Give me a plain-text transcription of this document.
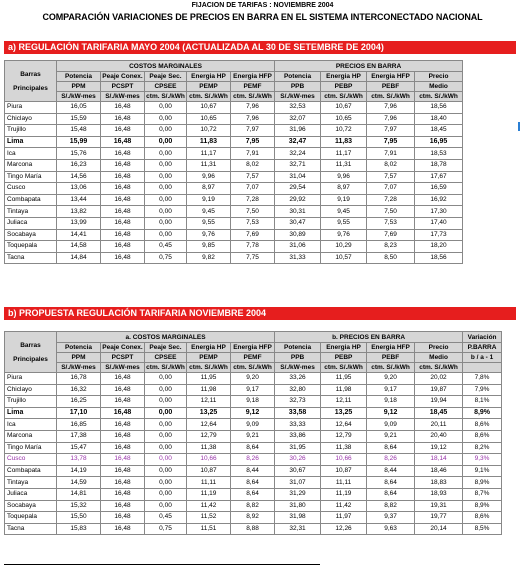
FIJACION DE TARIFAS : NOVIEMBRE 2004
COMPARACIÓN VARIACIONES DE PRECIOS EN BARRA EN EL SISTEMA INTERCONECTADO NACIONAL
a) REGULACIÓN TARIFARIA MAYO 2004 (ACTUALIZADA AL 30 DE SETEMBRE DE 2004)
Barras

Principales	COSTOS MARGINALES					PRECIOS EN BARRA			
	Potencia	Peaje Conex.	Peaje Sec.	Energia HP	Energia HFP	Potencia	Energia HP	Energia HFP	Precio
	PPM	PCSPT	CPSEE	PEMP	PEMF	PPB	PEBP	PEBF	Medio
	S/./kW-mes	S/./kW-mes	ctm. S/./kWh	ctm. S/./kWh	ctm. S/./kWh	S/./kW-mes	ctm. S/./kWh	ctm. S/./kWh	ctm. S/./kWh
Piura	16,05	16,48	0,00	10,67	7,96	32,53	10,67	7,96	18,56
Chiclayo	15,59	16,48	0,00	10,65	7,96	32,07	10,65	7,96	18,40
Trujillo	15,48	16,48	0,00	10,72	7,97	31,96	10,72	7,97	18,45
Lima	15,99	16,48	0,00	11,83	7,95	32,47	11,83	7,95	16,95
Ica	15,76	16,48	0,00	11,17	7,91	32,24	11,17	7,91	18,53
Marcona	16,23	16,48	0,00	11,31	8,02	32,71	11,31	8,02	18,78
Tingo María	14,56	16,48	0,00	9,96	7,57	31,04	9,96	7,57	17,67
Cusco	13,06	16,48	0,00	8,97	7,07	29,54	8,97	7,07	16,59
Combapata	13,44	16,48	0,00	9,19	7,28	29,92	9,19	7,28	16,92
Tintaya	13,82	16,48	0,00	9,45	7,50	30,31	9,45	7,50	17,30
Juliaca	13,99	16,48	0,00	9,55	7,53	30,47	9,55	7,53	17,40
Socabaya	14,41	16,48	0,00	9,76	7,69	30,89	9,76	7,69	17,73
Toquepala	14,58	16,48	0,45	9,85	7,78	31,06	10,29	8,23	18,20
Tacna	14,84	16,48	0,75	9,82	7,75	31,33	10,57	8,50	18,56
b) PROPUESTA REGULACIÓN TARIFARIA NOVIEMBRE 2004
Barras

Principales	a. COSTOS MARGINALES					b. PRECIOS EN BARRA				Variación
	Potencia	Peaje Conex.	Peaje Sec.	Energia HP	Energia HFP	Potencia	Energia HP	Energia HFP	Precio	P.BARRA
	PPM	PCSPT	CPSEE	PEMP	PEMF	PPB	PEBP	PEBF	Medio	b / a - 1
	S/./kW-mes	S/./kW-mes	ctm. S/./kWh	ctm. S/./kWh	ctm. S/./kWh	S/./kW-mes	ctm. S/./kWh	ctm. S/./kWh	ctm. S/./kWh	
Piura	16,78	16,48	0,00	11,95	9,20	33,26	11,95	9,20	20,02	7,8%
Chiclayo	16,32	16,48	0,00	11,98	9,17	32,80	11,98	9,17	19,87	7,9%
Trujillo	16,25	16,48	0,00	12,11	9,18	32,73	12,11	9,18	19,94	8,1%
Lima	17,10	16,48	0,00	13,25	9,12	33,58	13,25	9,12	18,45	8,9%
Ica	16,85	16,48	0,00	12,64	9,09	33,33	12,64	9,09	20,11	8,6%
Marcona	17,38	16,48	0,00	12,79	9,21	33,86	12,79	9,21	20,40	8,6%
Tingo María	15,47	16,48	0,00	11,38	8,64	31,95	11,38	8,64	19,12	8,2%
Cusco	13,78	16,48	0,00	10,66	8,26	30,26	10,66	8,26	18,14	9,3%
Combapata	14,19	16,48	0,00	10,87	8,44	30,67	10,87	8,44	18,46	9,1%
Tintaya	14,59	16,48	0,00	11,11	8,64	31,07	11,11	8,64	18,83	8,9%
Juliaca	14,81	16,48	0,00	11,19	8,64	31,29	11,19	8,64	18,93	8,7%
Socabaya	15,32	16,48	0,00	11,42	8,82	31,80	11,42	8,82	19,31	8,9%
Toquepala	15,50	16,48	0,45	11,52	8,92	31,98	11,97	9,37	19,77	8,6%
Tacna	15,83	16,48	0,75	11,51	8,88	32,31	12,26	9,63	20,14	8,5%
